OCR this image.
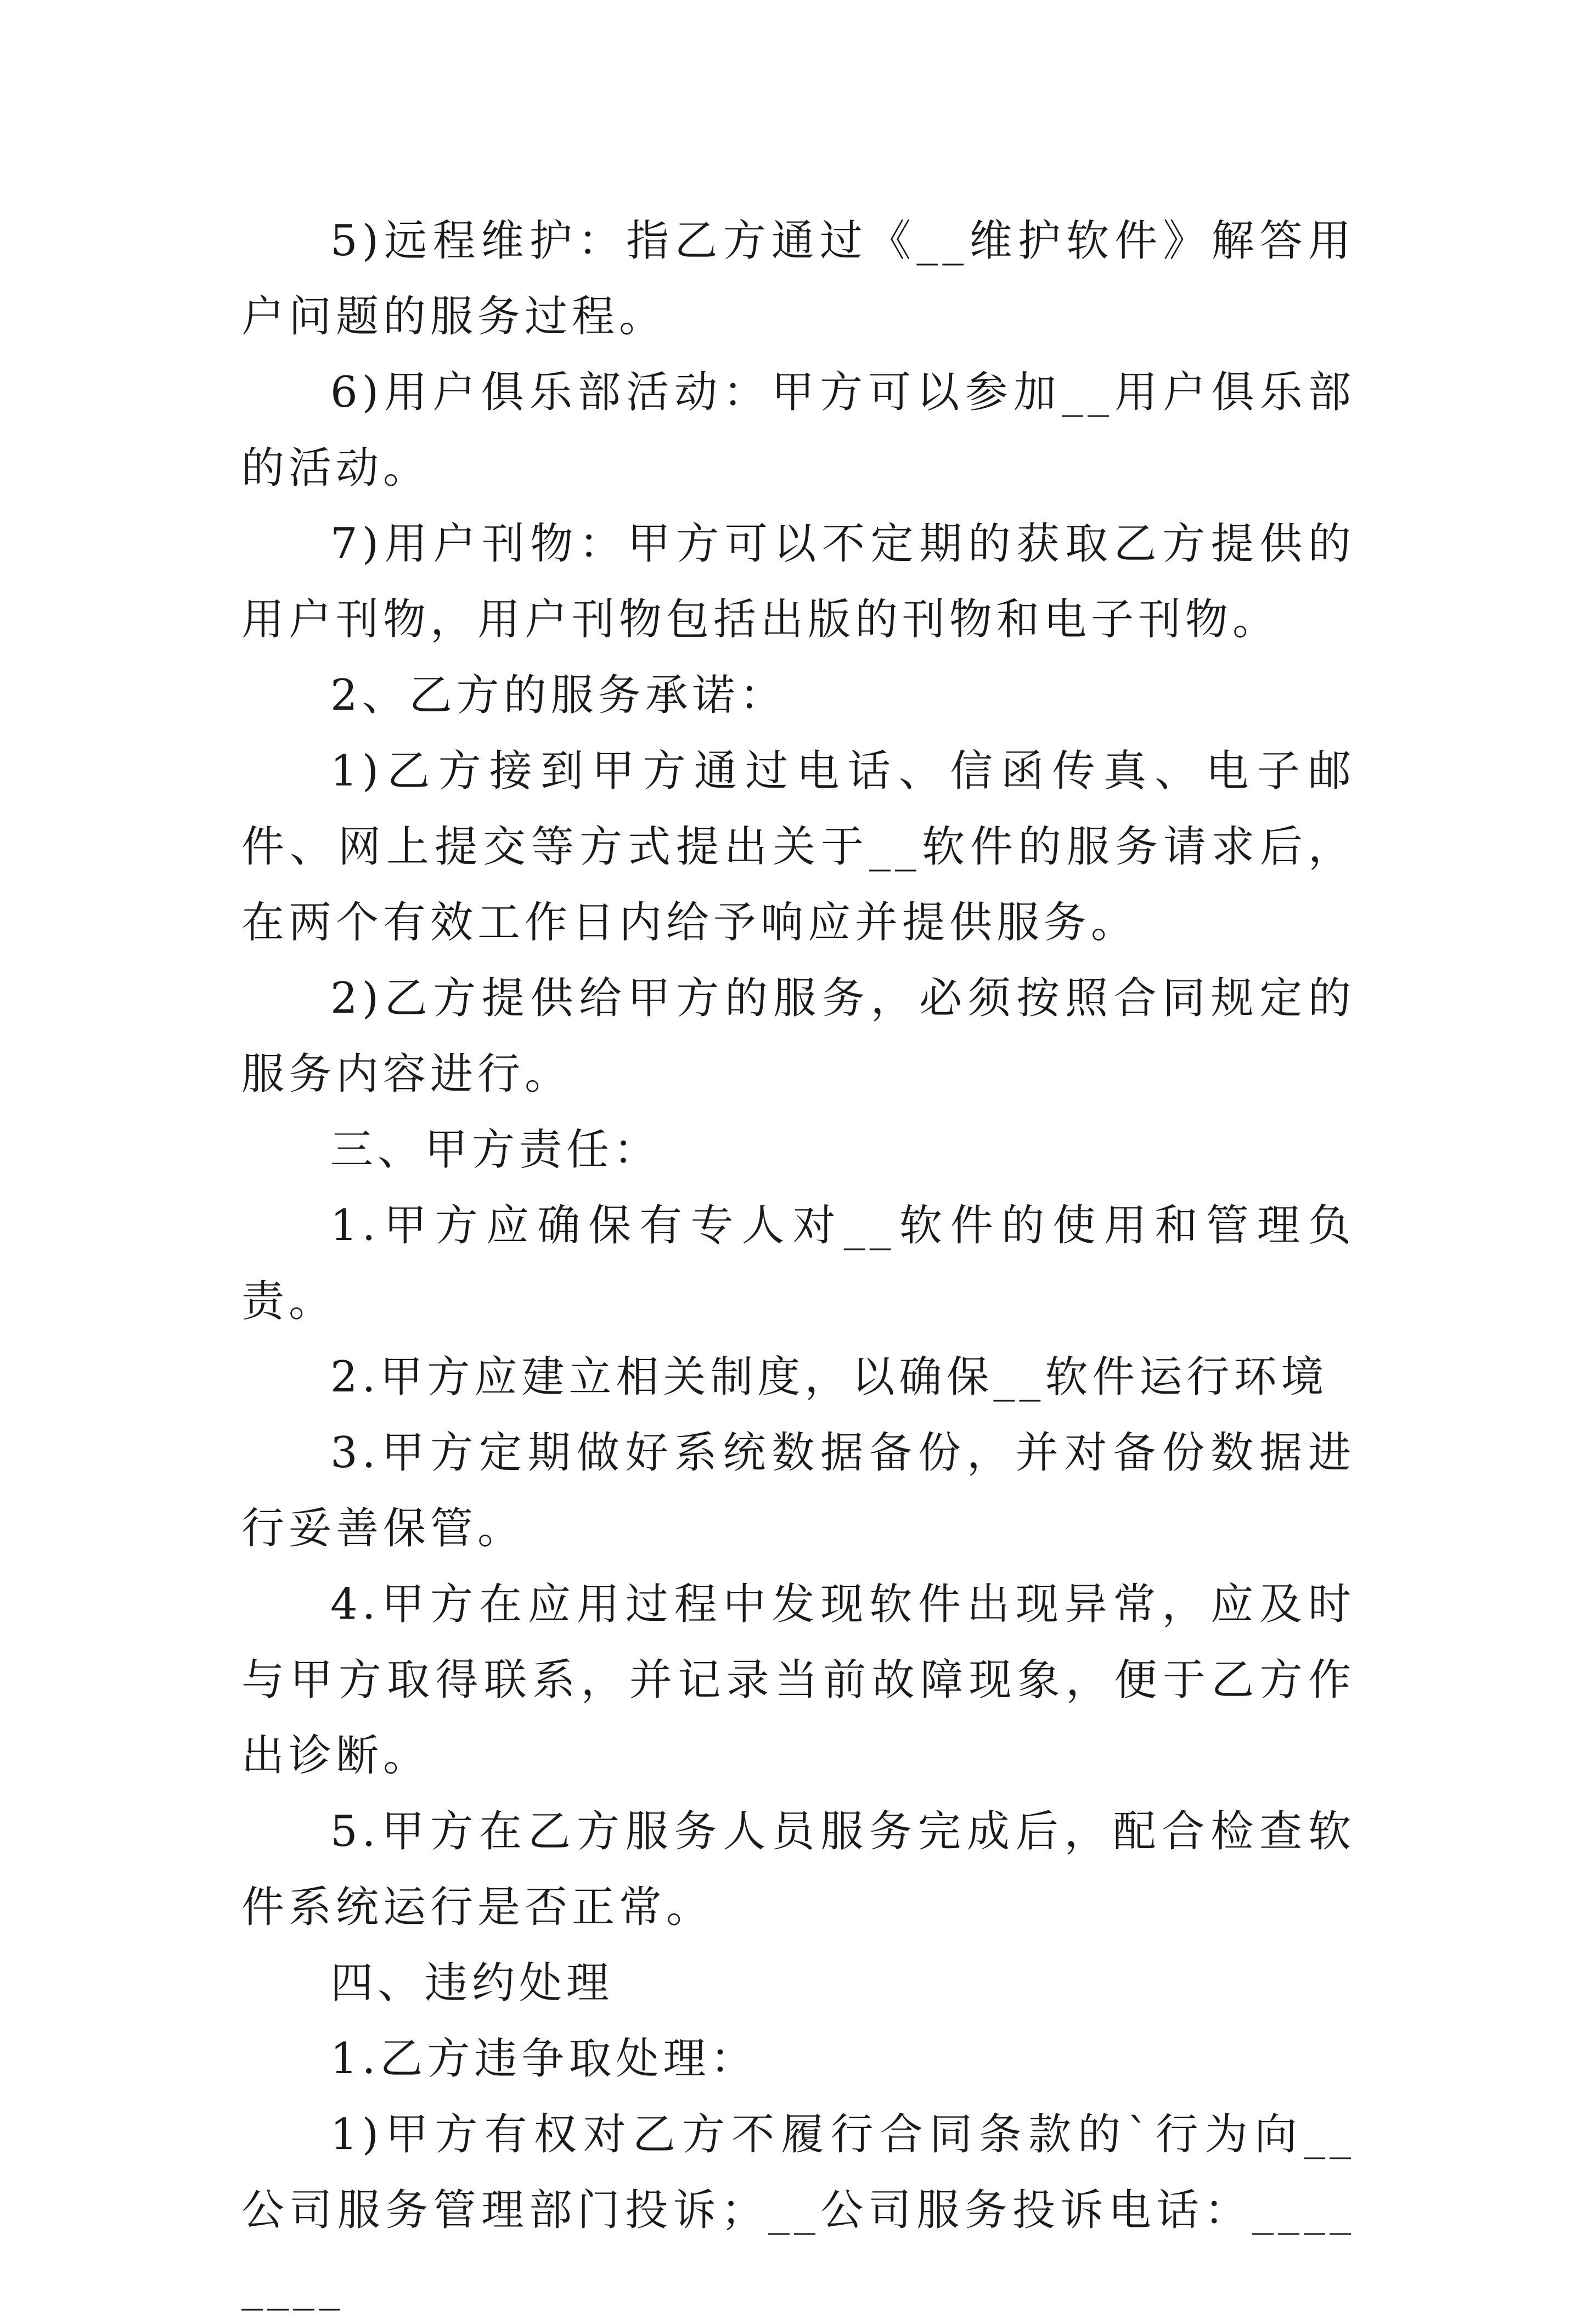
5)远程维护：指乙方通过《__维护软件》解答用户问题的服务过程。

6)用户俱乐部活动：甲方可以参加__用户俱乐部的活动。

7)用户刊物：甲方可以不定期的获取乙方提供的用户刊物，用户刊物包括出版的刊物和电子刊物。

2、乙方的服务承诺：

1)乙方接到甲方通过电话、信函传真、电子邮件、网上提交等方式提出关于__软件的服务请求后，在两个有效工作日内给予响应并提供服务。

2)乙方提供给甲方的服务，必须按照合同规定的服务内容进行。

三、甲方责任：

1.甲方应确保有专人对__软件的使用和管理负责。

2.甲方应建立相关制度，以确保__软件运行环境

3.甲方定期做好系统数据备份，并对备份数据进行妥善保管。

4.甲方在应用过程中发现软件出现异常，应及时与甲方取得联系，并记录当前故障现象，便于乙方作出诊断。

5.甲方在乙方服务人员服务完成后，配合检查软件系统运行是否正常。

四、违约处理

1.乙方违争取处理：

1)甲方有权对乙方不履行合同条款的`行为向__公司服务管理部门投诉；__公司服务投诉电话：________
